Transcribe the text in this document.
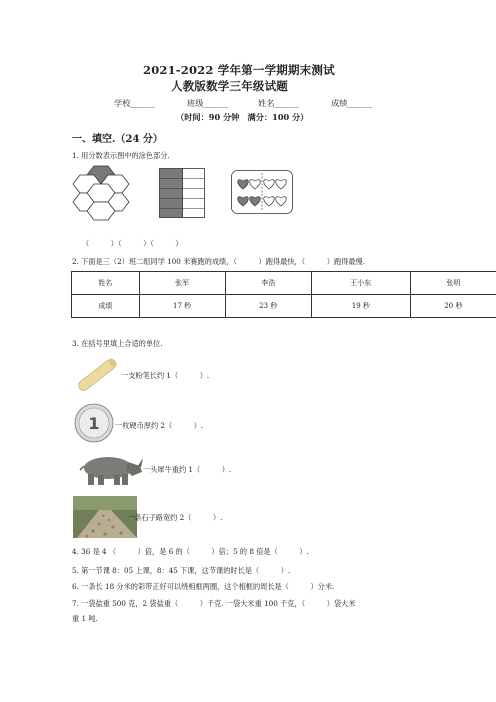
2021-2022 学年第一学期期末测试
人教版数学三年级试题
学校______	班级______	姓名______	成绩______
（时间：90 分钟　满分：100 分）
一、填空.（24 分）
1. 用分数表示图中的涂色部分.
（　　　）（　　　）（　　　）
2. 下面是三（2）班二组同学 100 米赛跑的成绩，（　　　）跑得最快，（　　　）跑得最慢.
姓名	张军	李浩	王小东	张明
成绩	17 秒	23 秒	19 秒	20 秒
3. 在括号里填上合适的单位.
一支粉笔长约 1（　　　）.
1 一枚硬币厚约 2（　　　）.
一头犀牛重约 1（　　　）.
一条石子路宽约 2（　　　）.
4. 36 是 4 （　　　）倍，是 6 的（　　　）倍；5 的 8 倍是（　　　）.
5. 第一节课 8：05 上课，8：45 下课，这节课的时长是（　　　）.
6. 一条长 18 分米的彩带正好可以绕相框两圈，这个相框的周长是（　　　）分米.
7. 一袋盐重 500 克，2 袋盐重（　　　）千克. 一袋大米重 100 千克，（　　　）袋大米
重 1 吨.
